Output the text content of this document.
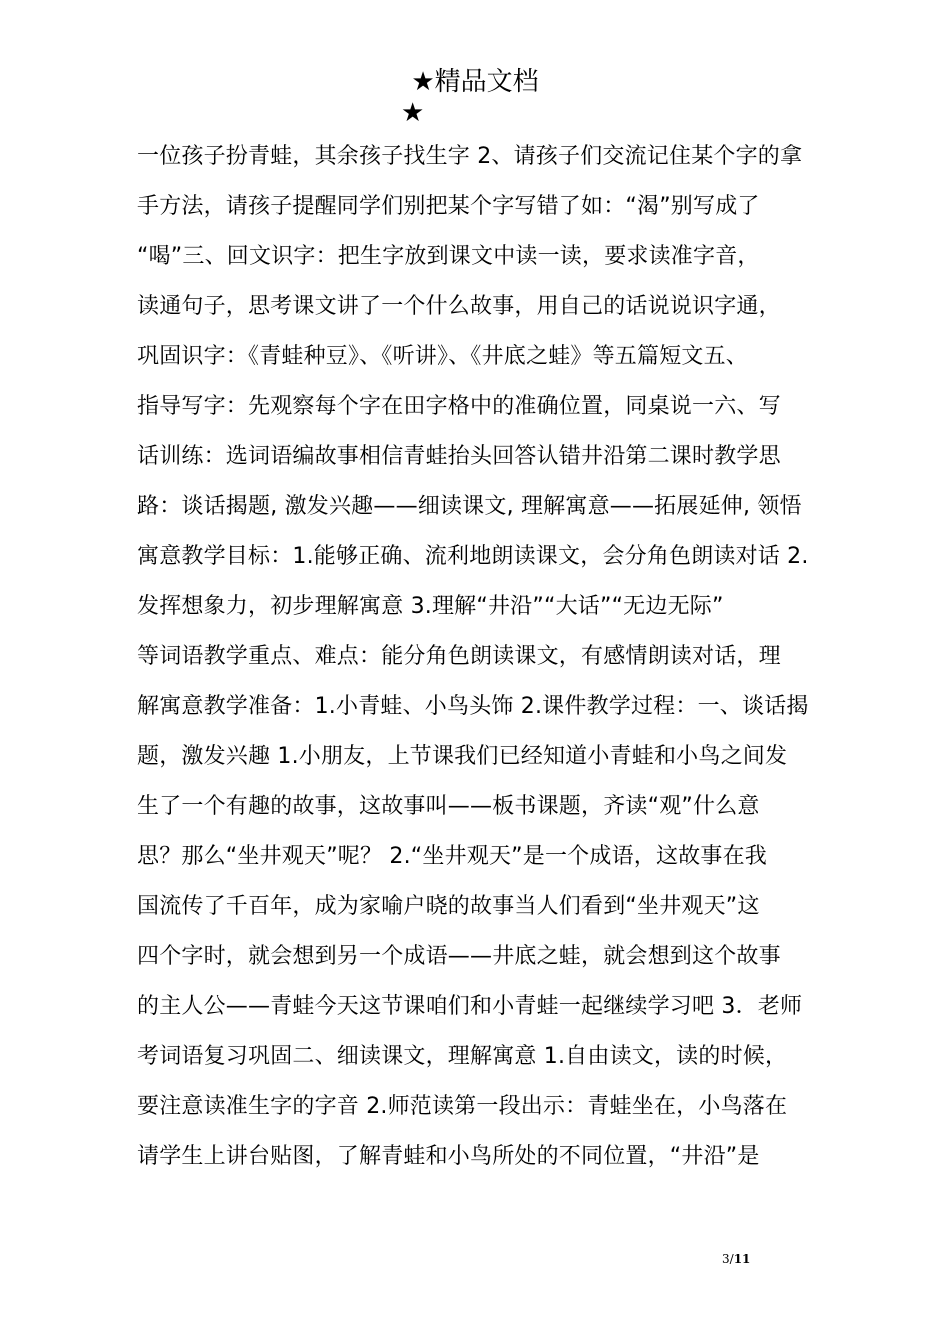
★精品文档
★
一位孩子扮青蛙，其余孩子找生字 2、请孩子们交流记住某个字的拿
手方法，请孩子提醒同学们别把某个字写错了如：“渴”别写成了
“喝”三、回文识字：把生字放到课文中读一读，要求读准字音，
读通句子，思考课文讲了一个什么故事，用自己的话说说识字通，
巩固识字：《青蛙种豆》、《听讲》、《井底之蛙》等五篇短文五、
指导写字：先观察每个字在田字格中的准确位置，同桌说一六、写
话训练：选词语编故事相信青蛙抬头回答认错井沿第二课时教学思
路：谈话揭题, 激发兴趣——细读课文, 理解寓意——拓展延伸, 领悟
寓意教学目标：1.能够正确、流利地朗读课文，会分角色朗读对话 2.
发挥想象力，初步理解寓意 3.理解“井沿”“大话”“无边无际”
等词语教学重点、难点：能分角色朗读课文，有感情朗读对话，理
解寓意教学准备：1.小青蛙、小鸟头饰 2.课件教学过程：一、谈话揭
题，激发兴趣 1.小朋友，上节课我们已经知道小青蛙和小鸟之间发
生了一个有趣的故事，这故事叫——板书课题，齐读“观”什么意
思？那么“坐井观天”呢？ 2.“坐井观天”是一个成语，这故事在我
国流传了千百年，成为家喻户晓的故事当人们看到“坐井观天”这
四个字时，就会想到另一个成语——井底之蛙，就会想到这个故事
的主人公——青蛙今天这节课咱们和小青蛙一起继续学习吧 3．老师
考词语复习巩固二、细读课文，理解寓意 1.自由读文，读的时候，
要注意读准生字的字音 2.师范读第一段出示：青蛙坐在，小鸟落在
请学生上讲台贴图，了解青蛙和小鸟所处的不同位置，“井沿”是
3/11
